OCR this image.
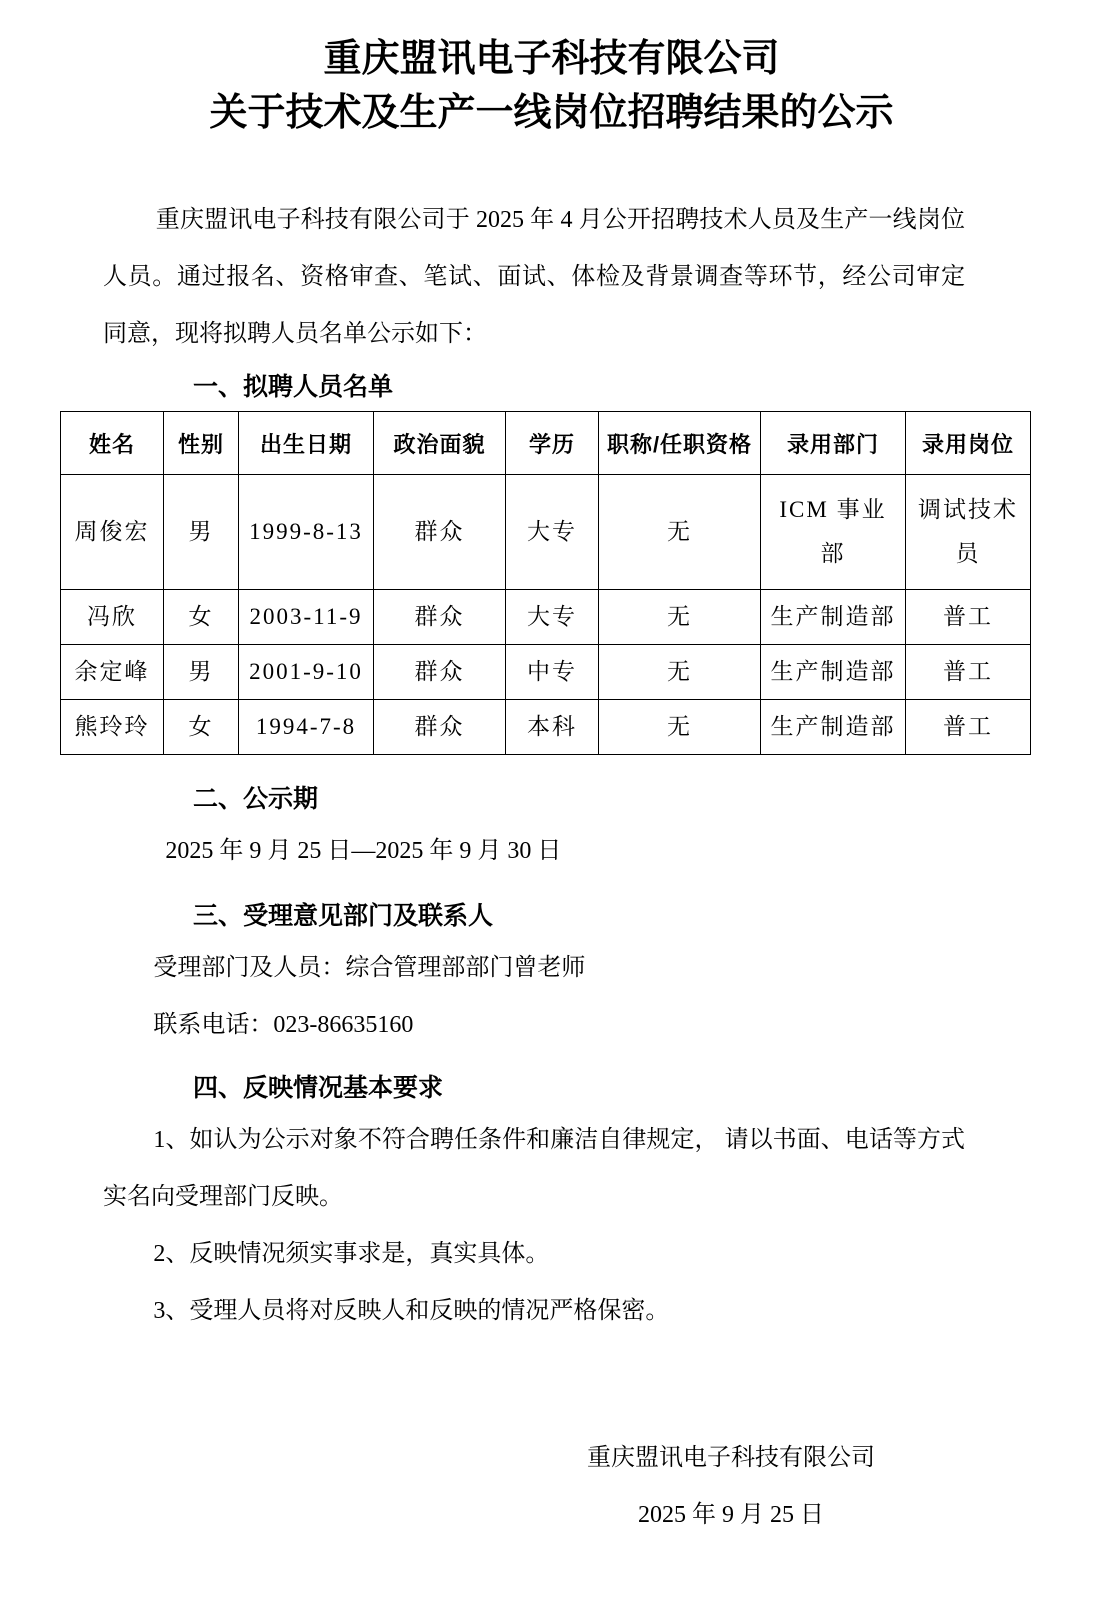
重庆盟讯电子科技有限公司
关于技术及生产一线岗位招聘结果的公示

重庆盟讯电子科技有限公司于 2025 年 4 月公开招聘技术人员及生产一线岗位人员。通过报名、资格审查、笔试、面试、体检及背景调查等环节，经公司审定同意，现将拟聘人员名单公示如下：

一、拟聘人员名单
姓名	性别	出生日期	政治面貌	学历	职称/任职资格	录用部门	录用岗位
周俊宏	男	1999-8-13	群众	大专	无	ICM 事业部	调试技术员
冯欣	女	2003-11-9	群众	大专	无	生产制造部	普工
余定峰	男	2001-9-10	群众	中专	无	生产制造部	普工
熊玲玲	女	1994-7-8	群众	本科	无	生产制造部	普工
二、公示期

2025 年 9 月 25 日—2025 年 9 月 30 日

三、受理意见部门及联系人

受理部门及人员：综合管理部部门曾老师

联系电话：023-86635160

四、反映情况基本要求

1、如认为公示对象不符合聘任条件和廉洁自律规定， 请以书面、电话等方式实名向受理部门反映。

2、反映情况须实事求是，真实具体。

3、受理人员将对反映人和反映的情况严格保密。

重庆盟讯电子科技有限公司

2025 年 9 月 25 日
